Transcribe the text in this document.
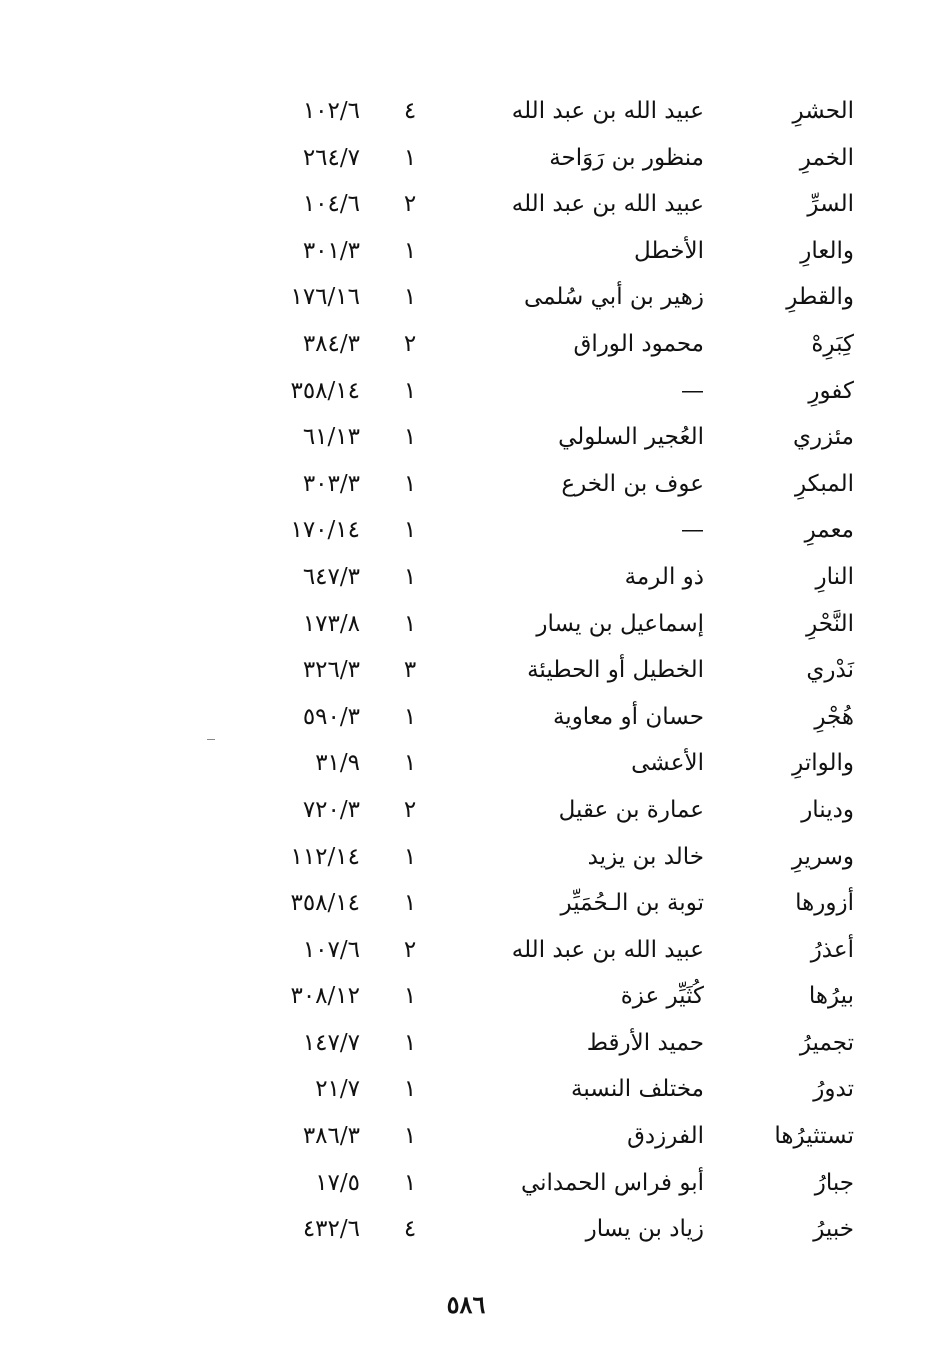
الحشرِ
عبيد الله بن عبد الله
٤
١٠٢/٦
الخمرِ
منظور بن رَوَاحة
١
٢٦٤/٧
السرِّ
عبيد الله بن عبد الله
٢
١٠٤/٦
والعارِ
الأخطل
١
٣٠١/٣
والقطرِ
زهير بن أبي سُلمى
١
١٧٦/١٦
كِبَرِهْ
محمود الوراق
٢
٣٨٤/٣
كفورِ
—
١
٣٥٨/١٤
مئزري
العُجير السلولي
١
٦١/١٣
المبكرِ
عوف بن الخرع
١
٣٠٣/٣
معمرِ
—
١
١٧٠/١٤
النارِ
ذو الرمة
١
٦٤٧/٣
النَّحْرِ
إسماعيل بن يسار
١
١٧٣/٨
نَدْري
الخطيل أو الحطيئة
٣
٣٢٦/٣
هُجْرِ
حسان أو معاوية
١
٥٩٠/٣
والواترِ
الأعشى
١
٣١/٩
ودينار
عمارة بن عقيل
٢
٧٢٠/٣
وسريرِ
خالد بن يزيد
١
١١٢/١٤
أزورها
توبة بن الـحُمَيِّر
١
٣٥٨/١٤
أعذرُ
عبيد الله بن عبد الله
٢
١٠٧/٦
بيرُها
كُثَيِّر عزة
١
٣٠٨/١٢
تجميرُ
حميد الأرقط
١
١٤٧/٧
تدورُ
مختلف النسبة
١
٢١/٧
تستثيرُها
الفرزدق
١
٣٨٦/٣
جبارُ
أبو فراس الحمداني
١
١٧/٥
خبيرُ
زياد بن يسار
٤
٤٣٢/٦
٥٨٦
